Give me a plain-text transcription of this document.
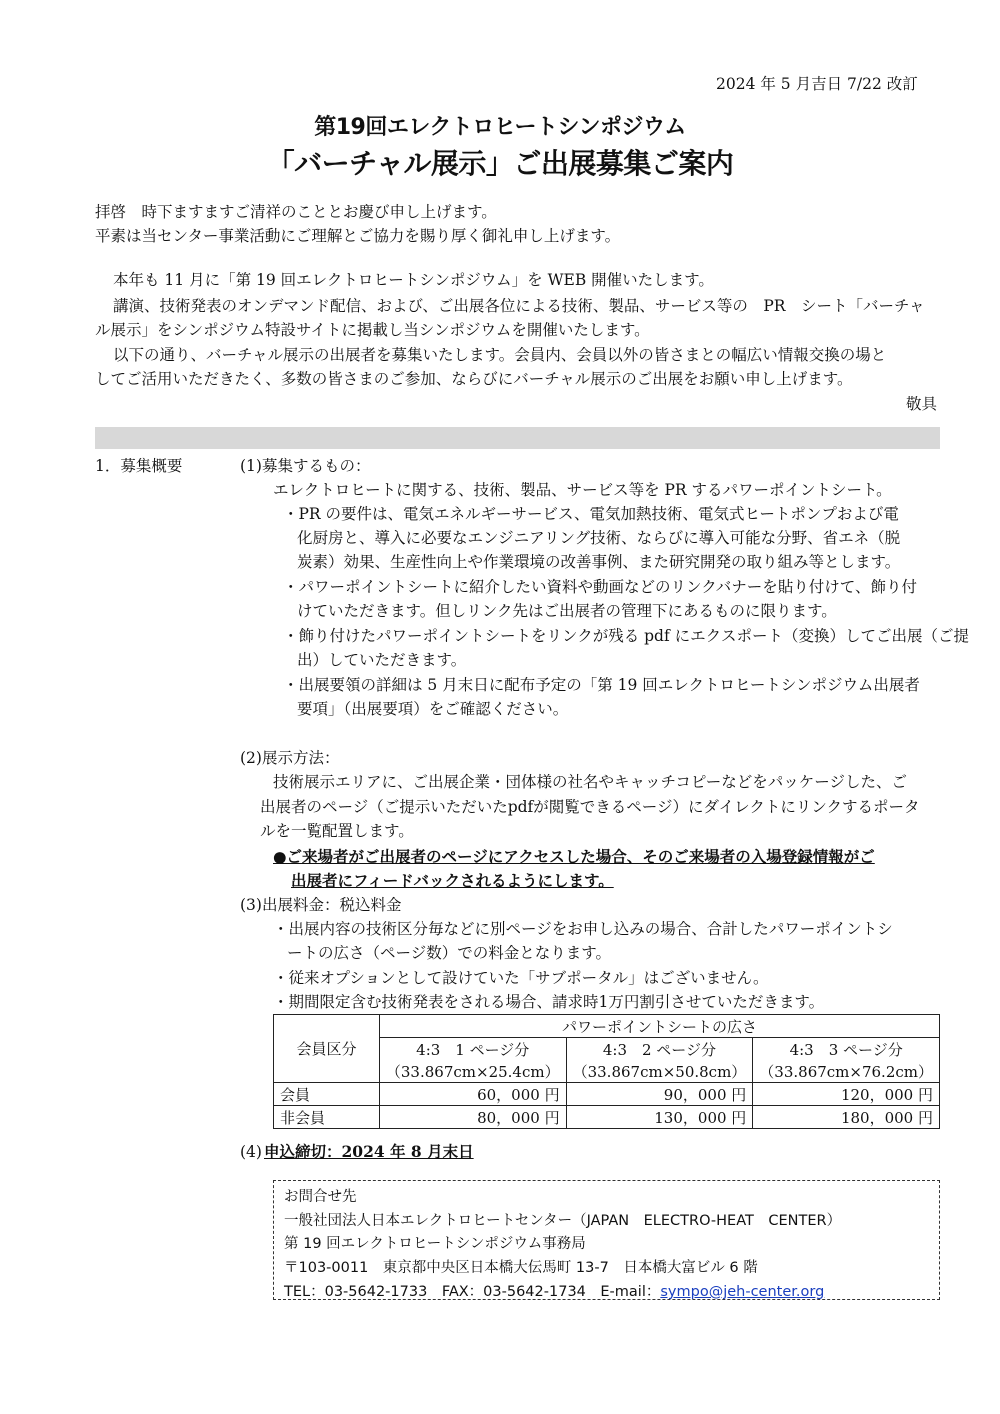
2024 年 5 月吉日 7/22 改訂
第19回エレクトロヒートシンポジウム
「バーチャル展示」ご出展募集ご案内
拝啓　時下ますますご清祥のこととお慶び申し上げます。
平素は当センター事業活動にご理解とご協力を賜り厚く御礼申し上げます。
本年も 11 月に「第 19 回エレクトロヒートシンポジウム」を WEB 開催いたします。
講演、技術発表のオンデマンド配信、および、ご出展各位による技術、製品、サービス等の　PR　シート「バーチャ
ル展示」をシンポジウム特設サイトに掲載し当シンポジウムを開催いたします。
以下の通り、バーチャル展示の出展者を募集いたします。会員内、会員以外の皆さまとの幅広い情報交換の場と
してご活用いただきたく、多数の皆さまのご参加、ならびにバーチャル展示のご出展をお願い申し上げます。
敬具
1．募集概要	(1)募集するもの：
エレクトロヒートに関する、技術、製品、サービス等を PR するパワーポイントシート。
・PR の要件は、電気エネルギーサービス、電気加熱技術、電気式ヒートポンプおよび電
化厨房と、導入に必要なエンジニアリング技術、ならびに導入可能な分野、省エネ（脱
炭素）効果、生産性向上や作業環境の改善事例、また研究開発の取り組み等とします。
・パワーポイントシートに紹介したい資料や動画などのリンクバナーを貼り付けて、飾り付
けていただきます。但しリンク先はご出展者の管理下にあるものに限ります。
・飾り付けたパワーポイントシートをリンクが残る pdf にエクスポート（変換）してご出展（ご提
出）していただきます。
・出展要領の詳細は 5 月末日に配布予定の「第 19 回エレクトロヒートシンポジウム出展者
要項」（出展要項）をご確認ください。
(2)展示方法：
技術展示エリアに、ご出展企業・団体様の社名やキャッチコピーなどをパッケージした、ご
出展者のページ（ご提示いただいたpdfが閲覧できるページ）にダイレクトにリンクするポータ
ルを一覧配置します。
●ご来場者がご出展者のページにアクセスした場合、そのご来場者の入場登録情報がご
出展者にフィードバックされるようにします。
(3)出展料金：税込料金
・出展内容の技術区分毎などに別ページをお申し込みの場合、合計したパワーポイントシ
ートの広さ（ページ数）での料金となります。
・従来オプションとして設けていた「サブポータル」はございません。
・期間限定含む技術発表をされる場合、請求時1万円割引させていただきます。
会員区分	パワーポイントシートの広さ		
	4:3　1 ページ分	4:3　2 ページ分	4:3　3 ページ分
	（33.867cm×25.4cm）	（33.867cm×50.8cm）	（33.867cm×76.2cm）
会員	60，000 円	90，000 円	120，000 円
非会員	80，000 円	130，000 円	180，000 円
(4) 申込締切：2024 年 8 月末日
お問合せ先
一般社団法人日本エレクトロヒートセンター（JAPAN　ELECTRO-HEAT　CENTER）
第 19 回エレクトロヒートシンポジウム事務局
〒103-0011　東京都中央区日本橋大伝馬町 13-7　日本橋大富ビル 6 階
TEL：03-5642-1733　FAX：03-5642-1734　E-mail：sympo@jeh-center.org
